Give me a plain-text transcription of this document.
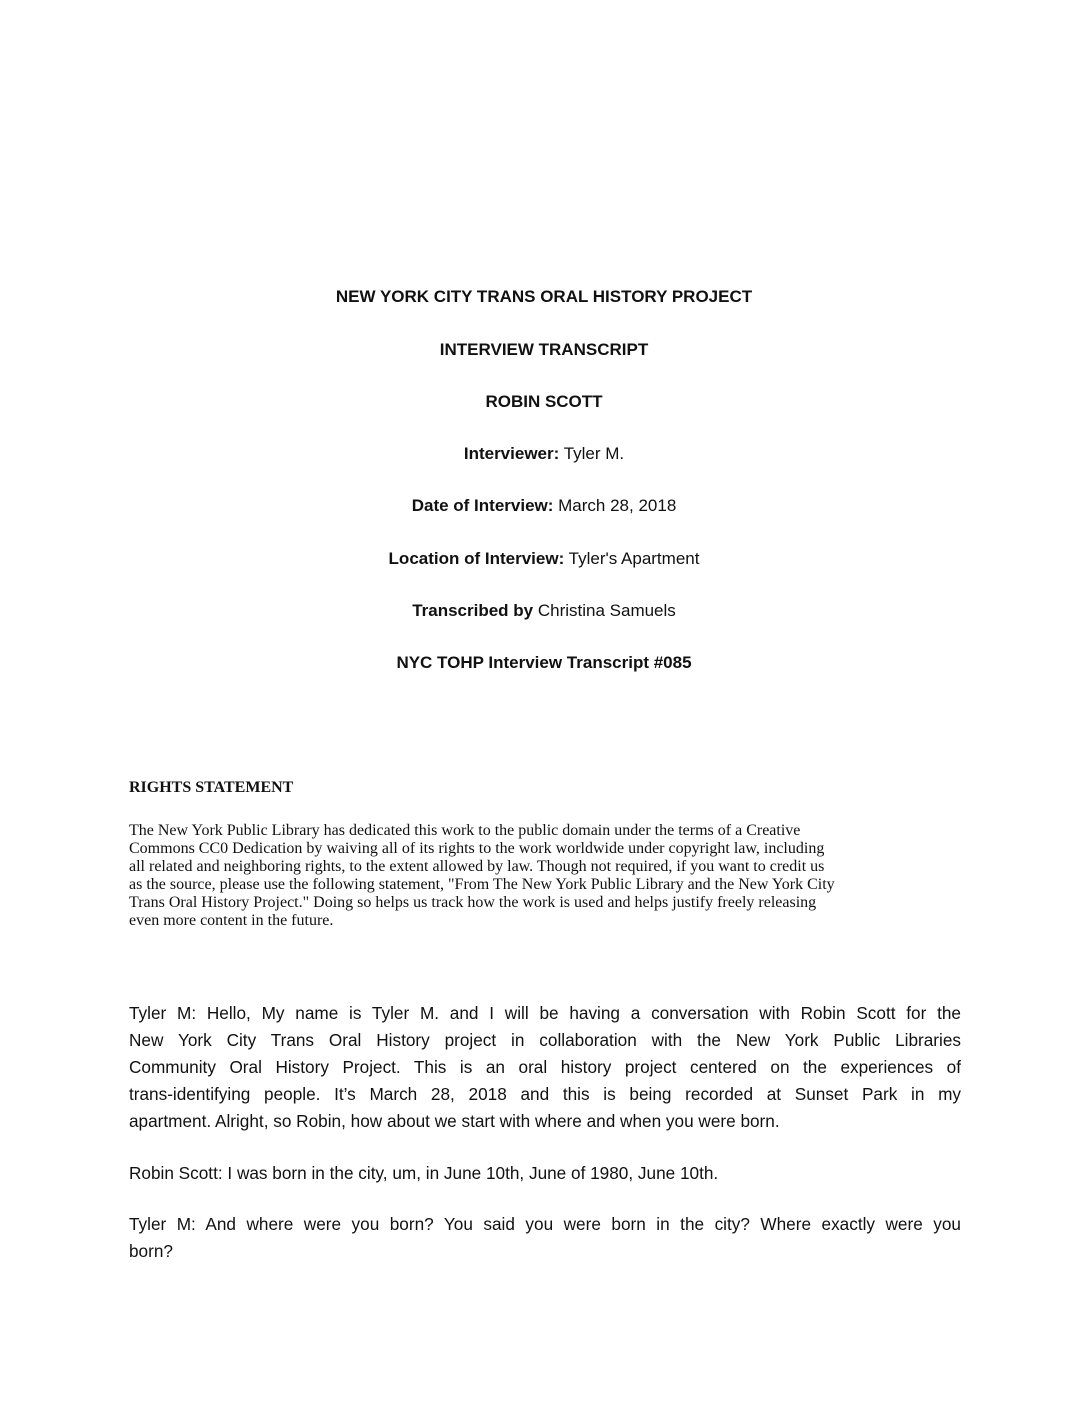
NEW YORK CITY TRANS ORAL HISTORY PROJECT
INTERVIEW TRANSCRIPT
ROBIN SCOTT
Interviewer: Tyler M.
Date of Interview: March 28, 2018
Location of Interview: Tyler's Apartment
Transcribed by Christina Samuels
NYC TOHP Interview Transcript #085
RIGHTS STATEMENT
The New York Public Library has dedicated this work to the public domain under the terms of a Creative
Commons CC0 Dedication by waiving all of its rights to the work worldwide under copyright law, including
all related and neighboring rights, to the extent allowed by law. Though not required, if you want to credit us
as the source, please use the following statement, "From The New York Public Library and the New York City
Trans Oral History Project." Doing so helps us track how the work is used and helps justify freely releasing
even more content in the future.
Tyler M: Hello, My name is Tyler M. and I will be having a conversation with Robin Scott for the
New York City Trans Oral History project in collaboration with the New York Public Libraries
Community Oral History Project. This is an oral history project centered on the experiences of
trans-identifying people. It’s March 28, 2018 and this is being recorded at Sunset Park in my
apartment. Alright, so Robin, how about we start with where and when you were born.
Robin Scott: I was born in the city, um, in June 10th, June of 1980, June 10th.
Tyler M: And where were you born? You said you were born in the city? Where exactly were you
born?
